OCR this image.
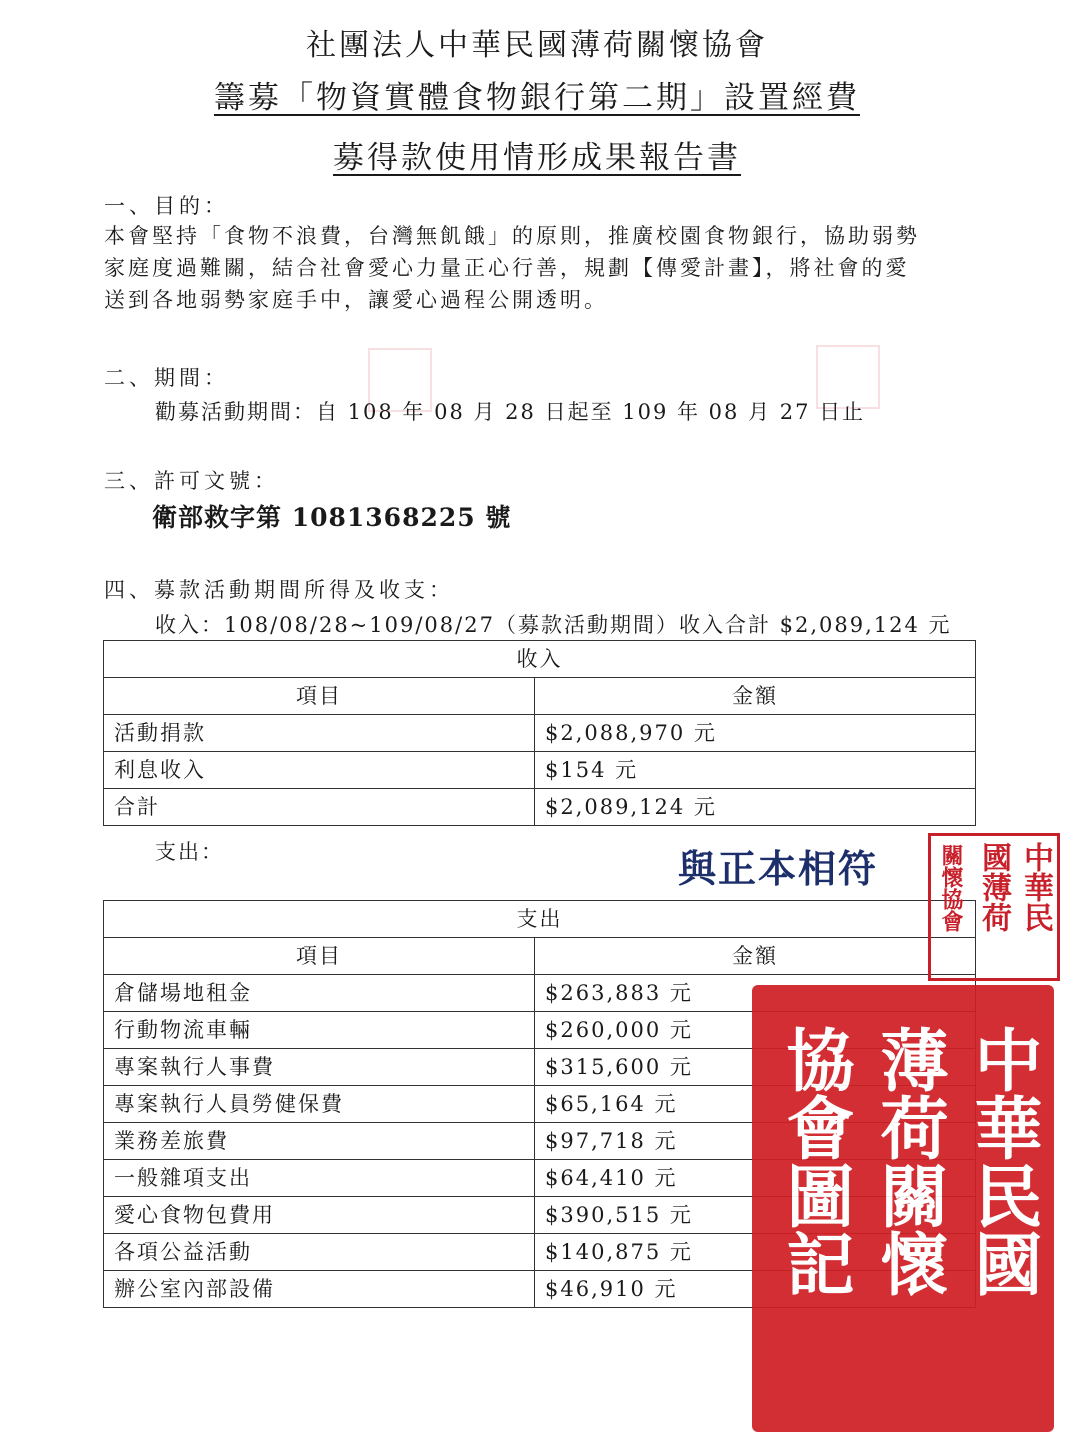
社團法人中華民國薄荷關懷協會
籌募「物資實體食物銀行第二期」設置經費
募得款使用情形成果報告書
一、目的：
本會堅持「食物不浪費，台灣無飢餓」的原則，推廣校園食物銀行，協助弱勢
家庭度過難關，結合社會愛心力量正心行善，規劃【傳愛計畫】，將社會的愛
送到各地弱勢家庭手中，讓愛心過程公開透明。
二、期間：
勸募活動期間：自 108 年 08 月 28 日起至 109 年 08 月 27 日止
三、許可文號：
衛部救字第 1081368225 號
四、募款活動期間所得及收支：
收入：108/08/28~109/08/27（募款活動期間）收入合計 $2,089,124 元
收入	
項目	金額
活動捐款	$2,088,970 元
利息收入	$154 元
合計	$2,089,124 元
支出：
支出	
項目	金額
倉儲場地租金	$263,883 元
行動物流車輛	$260,000 元
專案執行人事費	$315,600 元
專案執行人員勞健保費	$65,164 元
業務差旅費	$97,718 元
一般雜項支出	$64,410 元
愛心食物包費用	$390,515 元
各項公益活動	$140,875 元
辦公室內部設備	$46,910 元
與正本相符	中華民
國薄荷
關懷協會
中華民國
薄荷關懷
協會圖記
